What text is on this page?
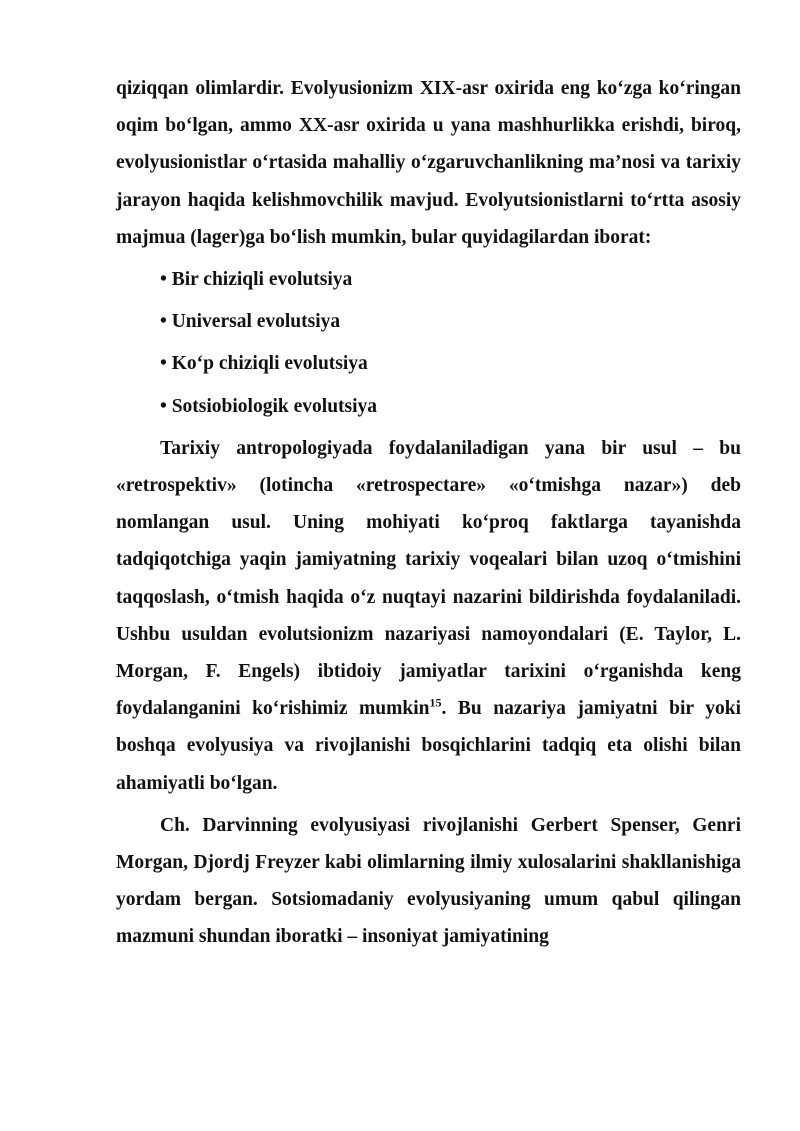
qiziqqan olimlardir. Evolyusionizm XIX-asr oxirida eng ko‘zga ko‘ringan oqim bo‘lgan, ammo XX-asr oxirida u yana mashhurlikka erishdi, biroq, evolyusionistlar o‘rtasida mahalliy o‘zgaruvchanlikning ma’nosi va tarixiy jarayon haqida kelishmovchilik mavjud. Evolyutsionistlarni to‘rtta asosiy majmua (lager)ga bo‘lish mumkin, bular quyidagilardan iborat:

• Bir chiziqli evolutsiya
• Universal evolutsiya
• Ko‘p chiziqli evolutsiya
• Sotsiobiologik evolutsiya

Tarixiy antropologiyada foydalaniladigan yana bir usul – bu «retrospektiv» (lotincha «retrospectare» «o‘tmishga nazar») deb nomlangan usul. Uning mohiyati ko‘proq faktlarga tayanishda tadqiqotchiga yaqin jamiyatning tarixiy voqealari bilan uzoq o‘tmishini taqqoslash, o‘tmish haqida o‘z nuqtayi nazarini bildirishda foydalaniladi. Ushbu usuldan evolutsionizm nazariyasi namoyondalari (E. Taylor, L. Morgan, F. Engels) ibtidoiy jamiyatlar tarixini o‘rganishda keng foydalanganini ko‘rishimiz mumkin$^{15}$. Bu nazariya jamiyatni bir yoki boshqa evolyusiya va rivojlanishi bosqichlarini tadqiq eta olishi bilan ahamiyatli bo‘lgan.

Ch. Darvinning evolyusiyasi rivojlanishi Gerbert Spenser, Genri Morgan, Djordj Freyzer kabi olimlarning ilmiy xulosalarini shakllanishiga yordam bergan. Sotsiomadaniy evolyusiyaning umum qabul qilingan mazmuni shundan iboratki – insoniyat jamiyatining
